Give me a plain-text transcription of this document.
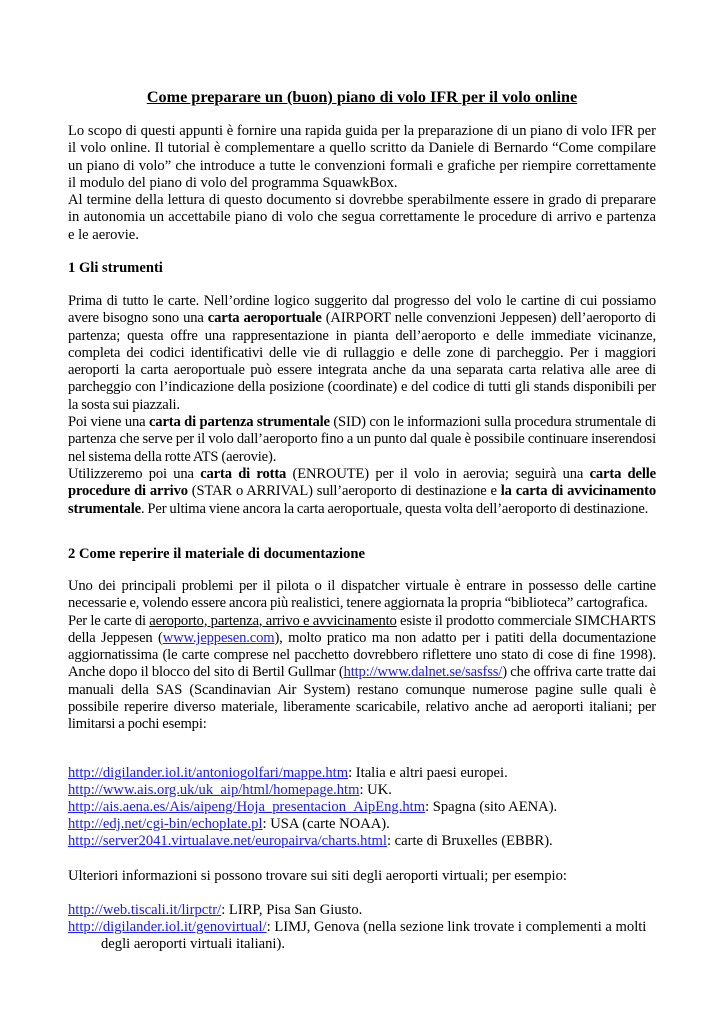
Come preparare un (buon) piano di volo IFR per il volo online

Lo scopo di questi appunti è fornire una rapida guida per la preparazione di un piano di volo IFR per il volo online. Il tutorial è complementare a quello scritto da Daniele di Bernardo “Come compilare un piano di volo” che introduce a tutte le convenzioni formali e grafiche per riempire correttamente il modulo del piano di volo del programma SquawkBox.
Al termine della lettura di questo documento si dovrebbe sperabilmente essere in grado di preparare in autonomia un accettabile piano di volo che segua correttamente le procedure di arrivo e partenza e le aerovie.

1 Gli strumenti

Prima di tutto le carte. Nell’ordine logico suggerito dal progresso del volo le cartine di cui possiamo avere bisogno sono una carta aeroportuale (AIRPORT nelle convenzioni Jeppesen) dell’aeroporto di partenza; questa offre una rappresentazione in pianta dell’aeroporto e delle immediate vicinanze, completa dei codici identificativi delle vie di rullaggio e delle zone di parcheggio. Per i maggiori aeroporti la carta aeroportuale può essere integrata anche da una separata carta relativa alle aree di parcheggio con l’indicazione della posizione (coordinate) e del codice di tutti gli stands disponibili per la sosta sui piazzali.
Poi viene una carta di partenza strumentale (SID) con le informazioni sulla procedura strumentale di partenza che serve per il volo dall’aeroporto fino a un punto dal quale è possibile continuare inserendosi nel sistema della rotte ATS (aerovie).
Utilizzeremo poi una carta di rotta (ENROUTE) per il volo in aerovia; seguirà una carta delle procedure di arrivo (STAR o ARRIVAL) sull’aeroporto di destinazione e la carta di avvicinamento strumentale. Per ultima viene ancora la carta aeroportuale, questa volta dell’aeroporto di destinazione.

2 Come reperire il materiale di documentazione

Uno dei principali problemi per il pilota o il dispatcher virtuale è entrare in possesso delle cartine necessarie e, volendo essere ancora più realistici, tenere aggiornata la propria “biblioteca” cartografica.
Per le carte di aeroporto, partenza, arrivo e avvicinamento esiste il prodotto commerciale SIMCHARTS della Jeppesen (www.jeppesen.com), molto pratico ma non adatto per i patiti della documentazione aggiornatissima (le carte comprese nel pacchetto dovrebbero riflettere uno stato di cose di fine 1998). Anche dopo il blocco del sito di Bertil Gullmar (http://www.dalnet.se/sasfss/) che offriva carte tratte dai manuali della SAS (Scandinavian Air System) restano comunque numerose pagine sulle quali è possibile reperire diverso materiale, liberamente scaricabile, relativo anche ad aeroporti italiani; per limitarsi a pochi esempi:

http://digilander.iol.it/antoniogolfari/mappe.htm: Italia e altri paesi europei.

http://www.ais.org.uk/uk_aip/html/homepage.htm: UK.

http://ais.aena.es/Ais/aipeng/Hoja_presentacion_AipEng.htm: Spagna (sito AENA).

http://edj.net/cgi-bin/echoplate.pl: USA (carte NOAA).

http://server2041.virtualave.net/europairva/charts.html: carte di Bruxelles (EBBR).

Ulteriori informazioni si possono trovare sui siti degli aeroporti virtuali; per esempio:

http://web.tiscali.it/lirpctr/: LIRP, Pisa San Giusto.

http://digilander.iol.it/genovirtual/: LIMJ, Genova (nella sezione link trovate i complementi a molti
degli aeroporti virtuali italiani).
